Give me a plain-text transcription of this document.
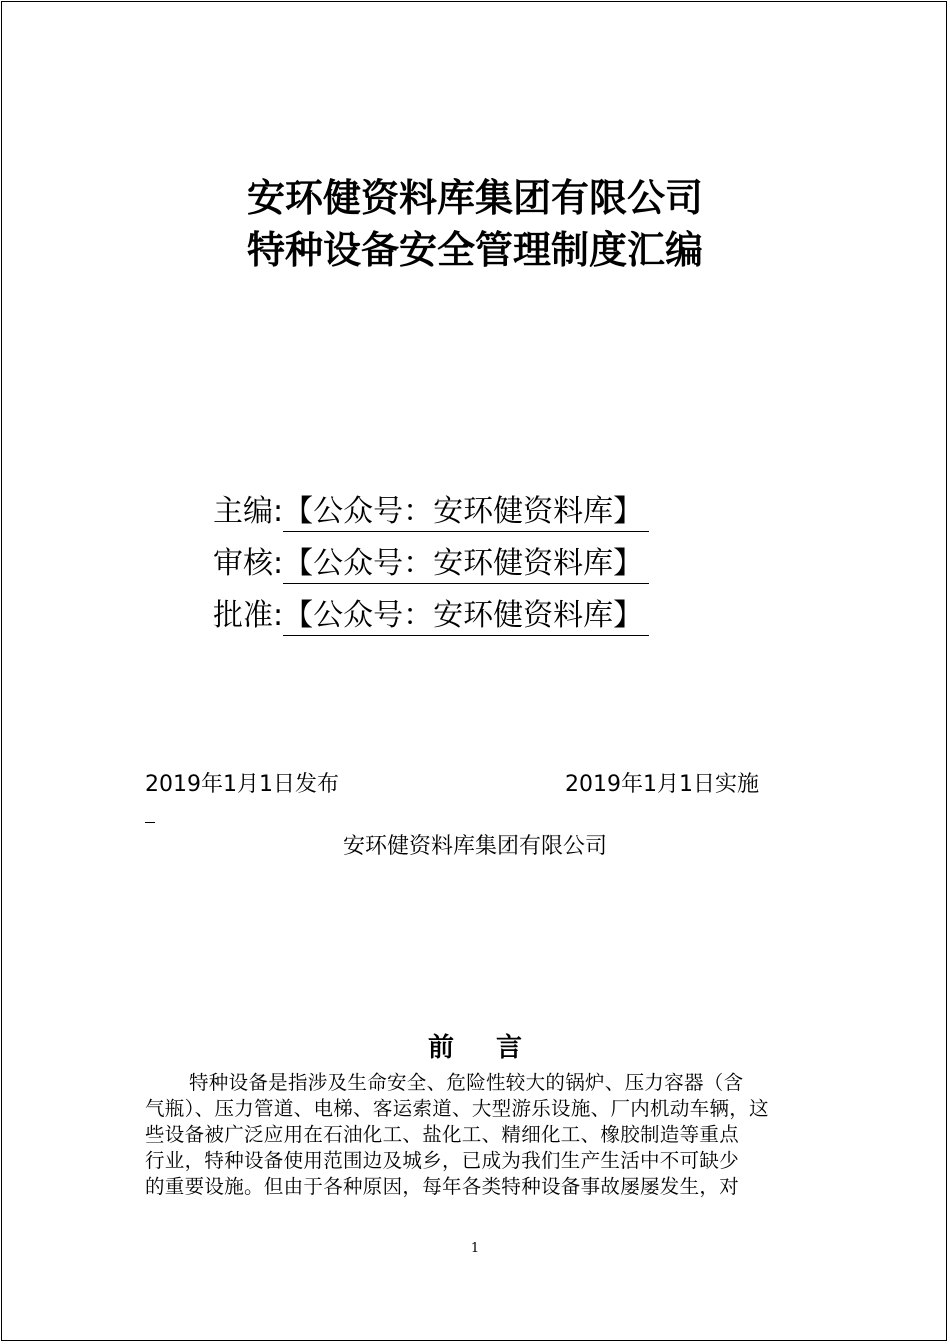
安环健资料库集团有限公司
特种设备安全管理制度汇编
主编: 【公众号：安环健资料库】
审核: 【公众号：安环健资料库】
批准: 【公众号：安环健资料库】
2019年1月1日发布	2019年1月1日实施
安环健资料库集团有限公司
前言
特种设备是指涉及生命安全、危险性较大的锅炉、压力容器（含
气瓶）、压力管道、电梯、客运索道、大型游乐设施、厂内机动车辆，这
些设备被广泛应用在石油化工、盐化工、精细化工、橡胶制造等重点
行业，特种设备使用范围边及城乡，已成为我们生产生活中不可缺少
的重要设施。但由于各种原因，每年各类特种设备事故屡屡发生，对
1
